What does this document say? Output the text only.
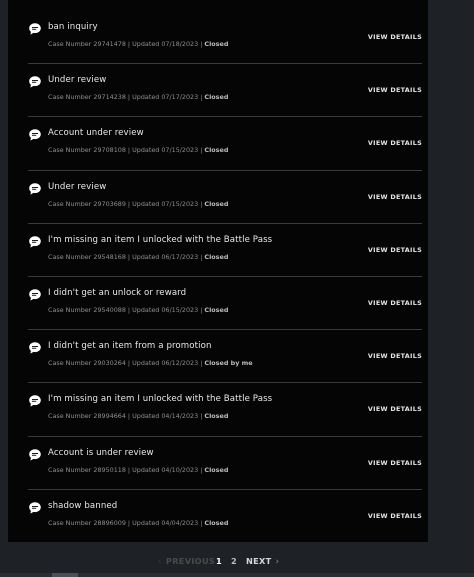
ban inquiry
Case Number 29741478 | Updated 07/18/2023 | Closed
VIEW DETAILS
Under review
Case Number 29714238 | Updated 07/17/2023 | Closed
VIEW DETAILS
Account under review
Case Number 29708108 | Updated 07/15/2023 | Closed
VIEW DETAILS
Under review
Case Number 29703689 | Updated 07/15/2023 | Closed
VIEW DETAILS
I'm missing an item I unlocked with the Battle Pass
Case Number 29548168 | Updated 06/17/2023 | Closed
VIEW DETAILS
I didn't get an unlock or reward
Case Number 29540088 | Updated 06/15/2023 | Closed
VIEW DETAILS
I didn't get an item from a promotion
Case Number 29030264 | Updated 06/12/2023 | Closed by me
VIEW DETAILS
I'm missing an item I unlocked with the Battle Pass
Case Number 28994664 | Updated 04/14/2023 | Closed
VIEW DETAILS
Account is under review
Case Number 28950118 | Updated 04/10/2023 | Closed
VIEW DETAILS
shadow banned
Case Number 28896009 | Updated 04/04/2023 | Closed
VIEW DETAILS
‹ PREVIOUS 1 2 NEXT ›
